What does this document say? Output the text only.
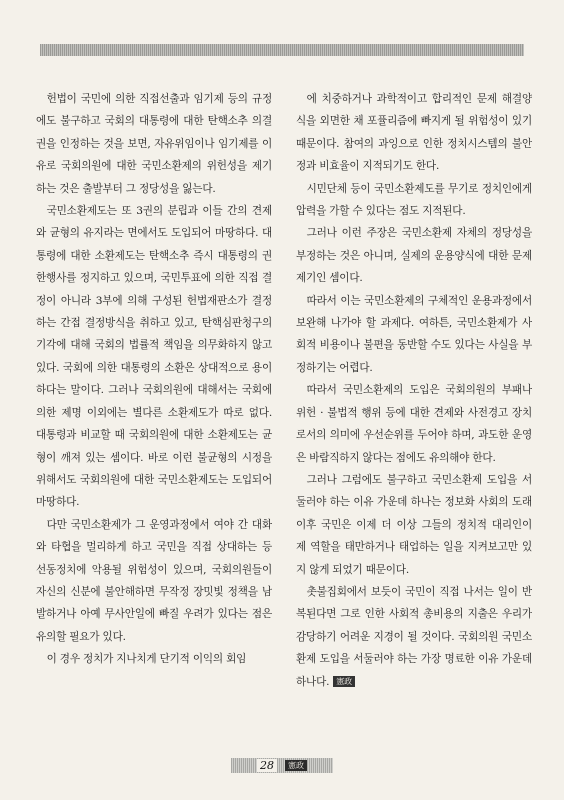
헌법이 국민에 의한 직접선출과 임기제 등의 규정에도 불구하고 국회의 대통령에 대한 탄핵소추 의결권을 인정하는 것을 보면, 자유위임이나 임기제를 이유로 국회의원에 대한 국민소환제의 위헌성을 제기하는 것은 출발부터 그 정당성을 잃는다.

국민소환제도는 또 3권의 분립과 이들 간의 견제와 균형의 유지라는 면에서도 도입되어 마땅하다. 대통령에 대한 소환제도는 탄핵소추 즉시 대통령의 권한행사를 정지하고 있으며, 국민투표에 의한 직접 결정이 아니라 3부에 의해 구성된 헌법재판소가 결정하는 간접 결정방식을 취하고 있고, 탄핵심판청구의 기각에 대해 국회의 법률적 책임을 의무화하지 않고 있다. 국회에 의한 대통령의 소환은 상대적으로 용이하다는 말이다. 그러나 국회의원에 대해서는 국회에 의한 제명 이외에는 별다른 소환제도가 따로 없다. 대통령과 비교할 때 국회의원에 대한 소환제도는 균형이 깨져 있는 셈이다. 바로 이런 불균형의 시정을 위해서도 국회의원에 대한 국민소환제도는 도입되어 마땅하다.

다만 국민소환제가 그 운영과정에서 여야 간 대화와 타협을 멀리하게 하고 국민을 직접 상대하는 등 선동정치에 악용될 위험성이 있으며, 국회의원들이 자신의 신분에 불안해하면 무작정 장밋빛 정책을 남발하거나 아예 무사안일에 빠질 우려가 있다는 점은 유의할 필요가 있다.

이 경우 정치가 지나치게 단기적 이익의 회임

에 치중하거나 과학적이고 합리적인 문제 해결양식을 외면한 채 포퓰리즘에 빠지게 될 위험성이 있기 때문이다. 참여의 과잉으로 인한 정치시스템의 불안정과 비효율이 지적되기도 한다.

시민단체 등이 국민소환제도를 무기로 정치인에게 압력을 가할 수 있다는 점도 지적된다.

그러나 이런 주장은 국민소환제 자체의 정당성을 부정하는 것은 아니며, 실제의 운용양식에 대한 문제제기인 셈이다.

따라서 이는 국민소환제의 구체적인 운용과정에서 보완해 나가야 할 과제다. 여하튼, 국민소환제가 사회적 비용이나 불편을 동반할 수도 있다는 사실을 부정하기는 어렵다.

따라서 국민소환제의 도입은 국회의원의 부패나 위헌 · 불법적 행위 등에 대한 견제와 사전경고 장치로서의 의미에 우선순위를 두어야 하며, 과도한 운영은 바람직하지 않다는 점에도 유의해야 한다.

그러나 그럼에도 불구하고 국민소환제 도입을 서둘러야 하는 이유 가운데 하나는 정보화 사회의 도래 이후 국민은 이제 더 이상 그들의 정치적 대리인이 제 역할을 태만하거나 태업하는 일을 지켜보고만 있지 않게 되었기 때문이다.

촛불집회에서 보듯이 국민이 직접 나서는 일이 반복된다면 그로 인한 사회적 총비용의 지출은 우리가 감당하기 어려운 지경이 될 것이다. 국회의원 국민소환제 도입을 서둘러야 하는 가장 명료한 이유 가운데 하나다. 憲政

28	憲政
